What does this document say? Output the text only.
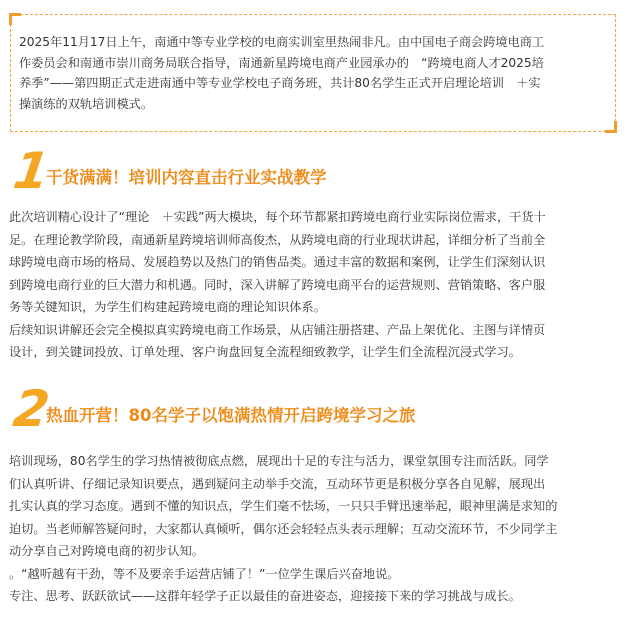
2025年11月17日上午，南通中等专业学校的电商实训室里热闹非凡。由中国电子商会跨境电商工
作委员会和南通市崇川商务局联合指导，南通新星跨境电商产业园承办的　“跨境电商人才2025培
养季”——第四期正式走进南通中等专业学校电子商务班，共计80名学生正式开启理论培训　＋实
操演练的双轨培训模式。
1
干货满满！培训内容直击行业实战教学
此次培训精心设计了“理论　＋实践”两大模块，每个环节都紧扣跨境电商行业实际岗位需求，干货十
足。在理论教学阶段，南通新星跨境培训师高俊杰，从跨境电商的行业现状讲起，详细分析了当前全
球跨境电商市场的格局、发展趋势以及热门的销售品类。通过丰富的数据和案例，让学生们深刻认识
到跨境电商行业的巨大潜力和机遇。同时，深入讲解了跨境电商平台的运营规则、营销策略、客户服
务等关键知识，为学生们构建起跨境电商的理论知识体系。
后续知识讲解还会完全模拟真实跨境电商工作场景，从店铺注册搭建、产品上架优化、主图与详情页
设计，到关键词投放、订单处理、客户询盘回复全流程细致教学，让学生们全流程沉浸式学习。
2
热血开营！80名学子以饱满热情开启跨境学习之旅
培训现场，80名学生的学习热情被彻底点燃，展现出十足的专注与活力，课堂氛围专注而活跃。同学
们认真听讲、仔细记录知识要点，遇到疑问主动举手交流，互动环节更是积极分享各自见解，展现出
扎实认真的学习态度。遇到不懂的知识点，学生们毫不怯场，一只只手臂迅速举起，眼神里满是求知的
迫切。当老师解答疑问时，大家都认真倾听，偶尔还会轻轻点头表示理解；互动交流环节，不少同学主
动分享自己对跨境电商的初步认知。
。“越听越有干劲，等不及要亲手运营店铺了！”一位学生课后兴奋地说。
专注、思考、跃跃欲试——这群年轻学子正以最佳的奋进姿态，迎接接下来的学习挑战与成长。
